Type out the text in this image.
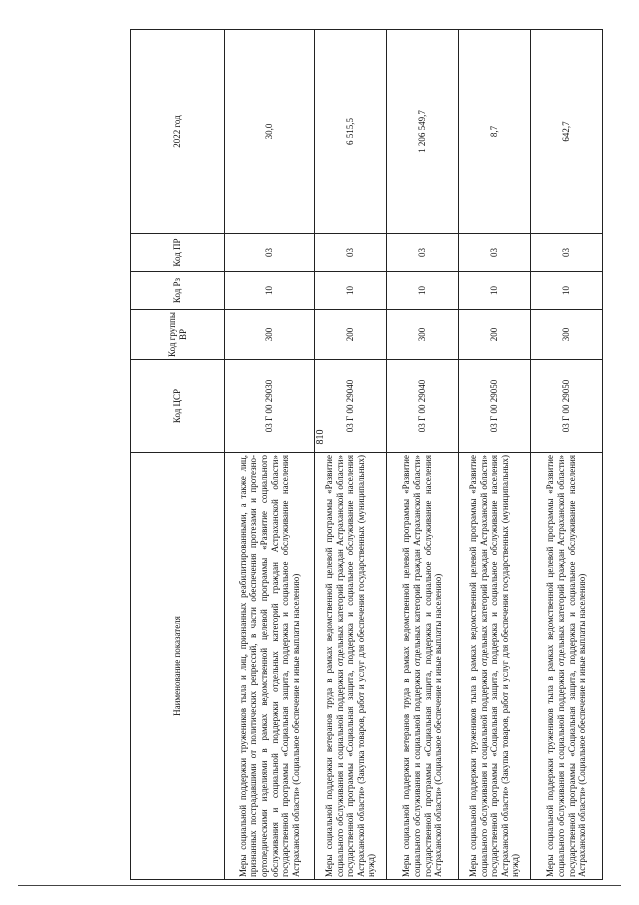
810
Наименование показателя	Код ЦСР	Код группы ВР	Код Рз	Код ПР	2022 год
Меры социальной поддержки тружеников тыла и лиц, признанных реабилитированными, а также лиц, признанных пострадавшими от политических репрессий, в части обеспечения протезами и протезно-ортопедическими изделиями в рамках ведомственной целевой программы «Развитие социального обслуживания и социальной поддержки отдельных категорий граждан Астраханской области» государственной программы «Социальная защита, поддержка и социальное обслуживание населения Астраханской области» (Социальное обеспечение и иные выплаты населению)	03 Г 00 29030	300	10	03	30,0
Меры социальной поддержки ветеранов труда в рамках ведомственной целевой программы «Развитие социального обслуживания и социальной поддержки отдельных категорий граждан Астраханской области» государственной программы «Социальная защита, поддержка и социальное обслуживание населения Астраханской области» (Закупка товаров, работ и услуг для обеспечения государственных (муниципальных) нужд)	03 Г 00 29040	200	10	03	6 515,5
Меры социальной поддержки ветеранов труда в рамках ведомственной целевой программы «Развитие социального обслуживания и социальной поддержки отдельных категорий граждан Астраханской области» государственной программы «Социальная защита, поддержка и социальное обслуживание населения Астраханской области» (Социальное обеспечение и иные выплаты населению)	03 Г 00 29040	300	10	03	1 206 549,7
Меры социальной поддержки тружеников тыла в рамках ведомственной целевой программы «Развитие социального обслуживания и социальной поддержки отдельных категорий граждан Астраханской области» государственной программы «Социальная защита, поддержка и социальное обслуживание населения Астраханской области» (Закупка товаров, работ и услуг для обеспечения государственных (муниципальных) нужд)	03 Г 00 29050	200	10	03	8,7
Меры социальной поддержки тружеников тыла в рамках ведомственной целевой программы «Развитие социального обслуживания и социальной поддержки отдельных категорий граждан Астраханской области» государственной программы «Социальная защита, поддержка и социальное обслуживание населения Астраханской области» (Социальное обеспечение и иные выплаты населению)	03 Г 00 29050	300	10	03	642,7
